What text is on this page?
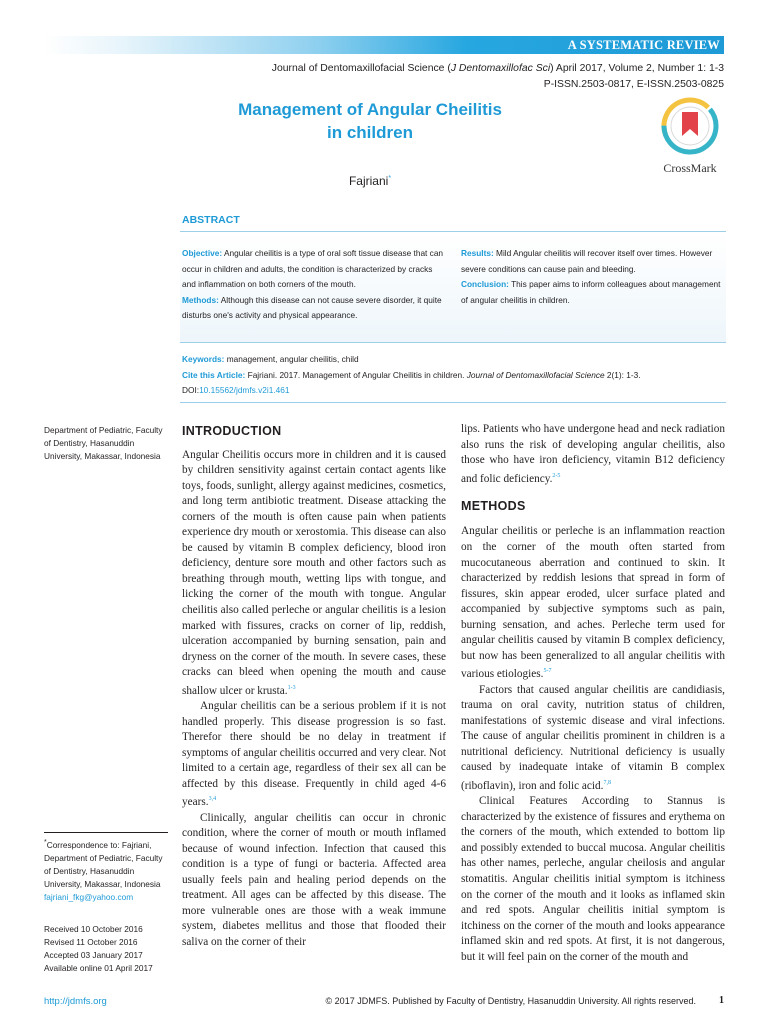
A SYSTEMATIC REVIEW
Journal of Dentomaxillofacial Science (J Dentomaxillofac Sci) April 2017, Volume 2, Number 1: 1-3
P-ISSN.2503-0817, E-ISSN.2503-0825
Management of Angular Cheilitis
in children
Fajriani*
CrossMark
ABSTRACT
Objective: Angular cheilitis is a type of oral soft tissue disease that can occur in children and adults, the condition is characterized by cracks and inflammation on both corners of the mouth.
Methods: Although this disease can not cause severe disorder, it quite disturbs one's activity and physical appearance.
Results: Mild Angular cheilitis will recover itself over times. However severe conditions can cause pain and bleeding.
Conclusion: This paper aims to inform colleagues about management of angular cheilitis in children.
Keywords: management, angular cheilitis, child
Cite this Article: Fajriani. 2017. Management of Angular Cheilitis in children. Journal of Dentomaxillofacial Science 2(1): 1-3. DOI:10.15562/jdmfs.v2i1.461
Department of Pediatric, Faculty of Dentistry, Hasanuddin University, Makassar, Indonesia
*Correspondence to: Fajriani, Department of Pediatric, Faculty of Dentistry, Hasanuddin University, Makassar, Indonesia
fajriani_fkg@yahoo.com
Received 10 October 2016
Revised 11 October 2016
Accepted 03 January 2017
Available online 01 April 2017
INTRODUCTION

Angular Cheilitis occurs more in children and it is caused by children sensitivity against certain contact agents like toys, foods, sunlight, allergy against medicines, cosmetics, and long term antibiotic treatment. Disease attacking the corners of the mouth is often cause pain when patients experience dry mouth or xerostomia. This disease can also be caused by vitamin B complex deficiency, blood iron deficiency, denture sore mouth and other factors such as breathing through mouth, wetting lips with tongue, and licking the corner of the mouth with tongue. Angular cheilitis also called perleche or angular cheilitis is a lesion marked with fissures, cracks on corner of lip, reddish, ulceration accompanied by burning sensation, pain and dryness on the corner of the mouth. In severe cases, these cracks can bleed when opening the mouth and cause shallow ulcer or krusta.$^{1-3}$

Angular cheilitis can be a serious problem if it is not handled properly. This disease progression is so fast. Therefor there should be no delay in treatment if symptoms of angular cheilitis occurred and very clear. Not limited to a certain age, regardless of their sex all can be affected by this disease. Frequently in child aged 4-6 years.$^{3,4}$

Clinically, angular cheilitis can occur in chronic condition, where the corner of mouth or mouth inflamed because of wound infection. Infection that caused this condition is a type of fungi or bacteria. Affected area usually feels pain and healing period depends on the treatment. All ages can be affected by this disease. The more vulnerable ones are those with a weak immune system, diabetes mellitus and those that flooded their saliva on the corner of their

lips. Patients who have undergone head and neck radiation also runs the risk of developing angular cheilitis, also those who have iron deficiency, vitamin B12 deficiency and folic deficiency.$^{2-5}$

METHODS

Angular cheilitis or perleche is an inflammation reaction on the corner of the mouth often started from mucocutaneous aberration and continued to skin. It characterized by reddish lesions that spread in form of fissures, skin appear eroded, ulcer surface plated and accompanied by subjective symptoms such as pain, burning sensation, and aches. Perleche term used for angular cheilitis caused by vitamin B complex deficiency, but now has been generalized to all angular cheilitis with various etiologies.$^{5-7}$

Factors that caused angular cheilitis are candidiasis, trauma on oral cavity, nutrition status of children, manifestations of systemic disease and viral infections. The cause of angular cheilitis prominent in children is a nutritional deficiency. Nutritional deficiency is usually caused by inadequate intake of vitamin B complex (riboflavin), iron and folic acid.$^{7,8}$

Clinical Features According to Stannus is characterized by the existence of fissures and erythema on the corners of the mouth, which extended to bottom lip and possibly extended to buccal mucosa. Angular cheilitis has other names, perleche, angular cheilosis and angular stomatitis. Angular cheilitis initial symptom is itchiness on the corner of the mouth and it looks as inflamed skin and red spots. Angular cheilitis initial symptom is itchiness on the corner of the mouth and looks appearance inflamed skin and red spots. At first, it is not dangerous, but it will feel pain on the corner of the mouth and

http://jdmfs.org	© 2017 JDMFS. Published by Faculty of Dentistry, Hasanuddin University. All rights reserved. 1
